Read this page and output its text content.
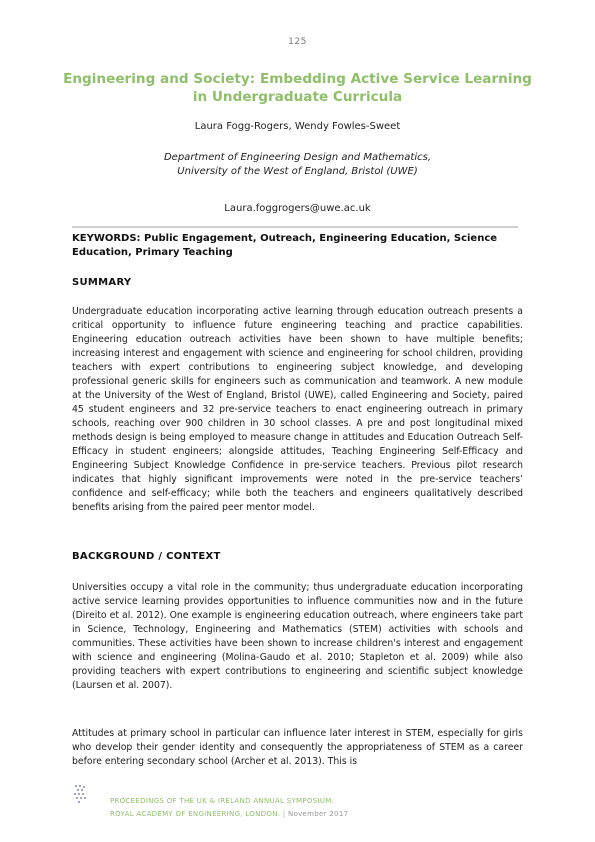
125
Engineering and Society: Embedding Active Service Learning in Undergraduate Curricula
Laura Fogg-Rogers, Wendy Fowles-Sweet
Department of Engineering Design and Mathematics,
University of the West of England, Bristol (UWE)
Laura.foggrogers@uwe.ac.uk
KEYWORDS: Public Engagement, Outreach, Engineering Education, Science Education, Primary Teaching
SUMMARY
Undergraduate education incorporating active learning through education outreach presents a critical opportunity to influence future engineering teaching and practice capabilities. Engineering education outreach activities have been shown to have multiple benefits; increasing interest and engagement with science and engineering for school children, providing teachers with expert contributions to engineering subject knowledge, and developing professional generic skills for engineers such as communication and teamwork. A new module at the University of the West of England, Bristol (UWE), called Engineering and Society, paired 45 student engineers and 32 pre-service teachers to enact engineering outreach in primary schools, reaching over 900 children in 30 school classes. A pre and post longitudinal mixed methods design is being employed to measure change in attitudes and Education Outreach Self-Efficacy in student engineers; alongside attitudes, Teaching Engineering Self-Efficacy and Engineering Subject Knowledge Confidence in pre-service teachers. Previous pilot research indicates that highly significant improvements were noted in the pre-service teachers’ confidence and self-efficacy; while both the teachers and engineers qualitatively described benefits arising from the paired peer mentor model.
BACKGROUND / CONTEXT
Universities occupy a vital role in the community; thus undergraduate education incorporating active service learning provides opportunities to influence communities now and in the future (Direito et al. 2012). One example is engineering education outreach, where engineers take part in Science, Technology, Engineering and Mathematics (STEM) activities with schools and communities. These activities have been shown to increase children's interest and engagement with science and engineering (Molina-Gaudo et al. 2010; Stapleton et al. 2009) while also providing teachers with expert contributions to engineering and scientific subject knowledge (Laursen et al. 2007).
Attitudes at primary school in particular can influence later interest in STEM, especially for girls who develop their gender identity and consequently the appropriateness of STEM as a career before entering secondary school (Archer et al. 2013). This is
PROCEEDINGS OF THE UK & IRELAND ANNUAL SYMPOSIUM:
ROYAL ACADEMY OF ENGINEERING, LONDON. | November 2017
